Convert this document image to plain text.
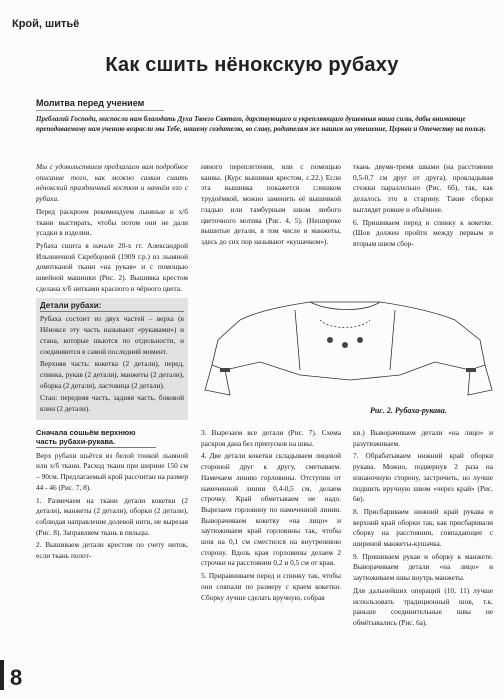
Крой, шитьё
Как сшить нёнокскую рубаху
Молитва перед учением
Преблагий Господи, ниспосли нам благодать Духа Твоего Святаго, дарствующаго и укрепляющаго душевныя наша силы, дабы внимающе преподаваемому нам учению возрасли мы Тебе, нашему создателю, во славу, родителям же нашим на утешение, Церкви и Отечеству на пользу.

Мы с удовольствием предлагаем вам подробное описание того, как можно самим сшить нёнокский праздничный костюм и начнём его с рубахи.

Перед раскроем рекомендуем льняные и х/б ткани выстирать, чтобы потом они не дали усадки в изделии.

Рубаха сшита в начале 20-х гг. Александрой Ильиничной Скребцовой (1909 г.р.) из льняной домотканой ткани «на рукав» и с помощью швейной машинки (Рис. 2). Вышивка крестом сделана х/б нитками красного и чёрного цвета.

Детали рубахи:

Рубаха состоит из двух частей – верха (в Нёноксе эту часть называют «рукавами») и стана, которые шьются по отдельности, и соединяются в самой последний момент.

Верхняя часть: кокетка (2 детали), перед, спинка, рукав (2 детали), манжеты (2 детали), оборка (2 детали), ластовица (2 детали).

Стан: передняя часть, задняя часть, боковой клин (2 детали).

Сначала сошьём верхнюю часть рубахи-рукава.

Верх рубахи шьётся из белой тонкой льняной или х/б ткани. Расход ткани при ширине 150 см – 90см. Предлагаемый крой рассчитан на размер 44 - 46 (Рис. 7, 8).

1. Размечаем на ткани детали кокетки (2 детали), манжеты (2 детали), оборки (2 детали), соблюдая направление долевой нити, не вырезая (Рис. 8). Заправляем ткань в пяльцы.

2. Вышиваем детали крестом по счету ниток, если ткань полот-

няного переплетения, или с помощью канвы. (Курс вышивки крестом, с.22.) Если эта вышивка покажется слишком трудоёмкой, можно заменить её вышивкой гладью или тамбурным швом любого цветочного мотива (Рис. 4, 5). (Нешироке вышитые детали, в том числе и манжеты, здесь до сих пор называют «кушачком»).

ткань двумя-тремя швами (на расстоянии 0,5-0,7 см друг от друга), прокладывая стежки параллельно (Рис. 6б), так, как делалось это в старину. Такие сборки выглядят ровнее и объёмнее.

6. Пришиваем перед и спинку к кокетке. (Шов должен пройти между первым и вторым швом сбор-

Рис. 2. Рубаха-рукава.

3. Вырезаем все детали (Рис. 7). Схема раскроя дана без припусков на швы.

4. Две детали кокетки складываем лицевой стороной друг к другу, сметываем. Намечаем линию горловины. Отступив от намеченной линии 0,4-0,5 см, делаем строчку. Край обметываем не надо. Вырезаем горловину по намеченной линии. Выворачиваем кокетку «на лицо» и заутюживаем край горловины так, чтобы шов на 0,1 см сместился на внутреннюю сторону. Вдоль края горловины делаем 2 строчки на расстоянии 0,2 и 0,5 см от края.

5. Приравниваем перед и спинку так, чтобы они совпали по размеру с краем кокетки. Сборку лучше сделать вручную, собрав

ки.) Выворачиваем детали «на лицо» и разутюживаем.

7. Обрабатываем нижний край оборки рукава. Можно, подвернув 2 раза на изнаночную сторону, застрочить, но лучше подшить вручную швом «через край» (Рис. 6в).

8. Присбариваем нижний край рукава и верхний край оборки так, как присбаривали сборку на расстоянии, совпадающее с шириной манжеты-кушачка.

9. Пришиваем рукав и оборку к манжете. Выворачиваем детали «на лицо» и заутюживаем швы внутрь манжеты.

Для дальнейших операций (10, 11) лучше использовать традиционный шов, т.к. раньше соединительные швы не обмётывались (Рис. 6а).

8
